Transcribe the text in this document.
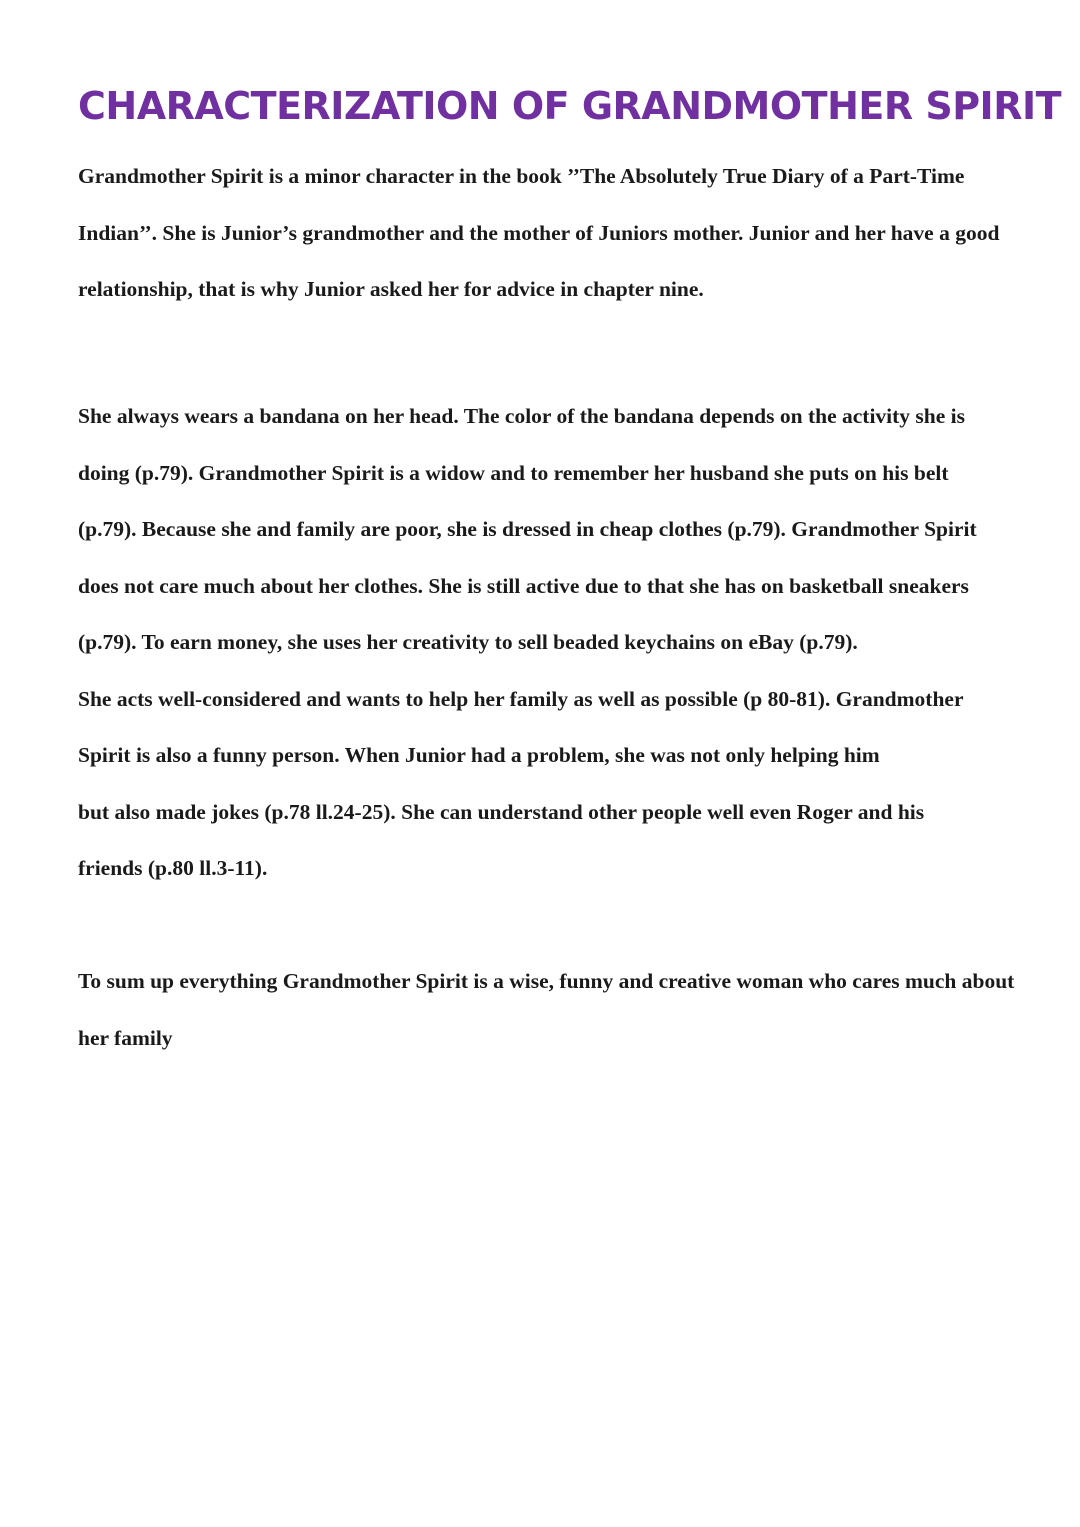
CHARACTERIZATION OF GRANDMOTHER SPIRIT

Grandmother Spirit is a minor character in the book ’’The Absolutely True Diary of a Part-Time
Indian’’. She is Junior’s grandmother and the mother of Juniors mother. Junior and her have a good
relationship, that is why Junior asked her for advice in chapter nine.

She always wears a bandana on her head. The color of the bandana depends on the activity she is
doing (p.79). Grandmother Spirit is a widow and to remember her husband she puts on his belt
(p.79). Because she and family are poor, she is dressed in cheap clothes (p.79). Grandmother Spirit
does not care much about her clothes. She is still active due to that she has on basketball sneakers
(p.79). To earn money, she uses her creativity to sell beaded keychains on eBay (p.79).
She acts well-considered and wants to help her family as well as possible (p 80-81). Grandmother
Spirit is also a funny person. When Junior had a problem, she was not only helping him
but also made jokes (p.78 ll.24-25). She can understand other people well even Roger and his
friends (p.80 ll.3-11).

To sum up everything Grandmother Spirit is a wise, funny and creative woman who cares much about
her family
